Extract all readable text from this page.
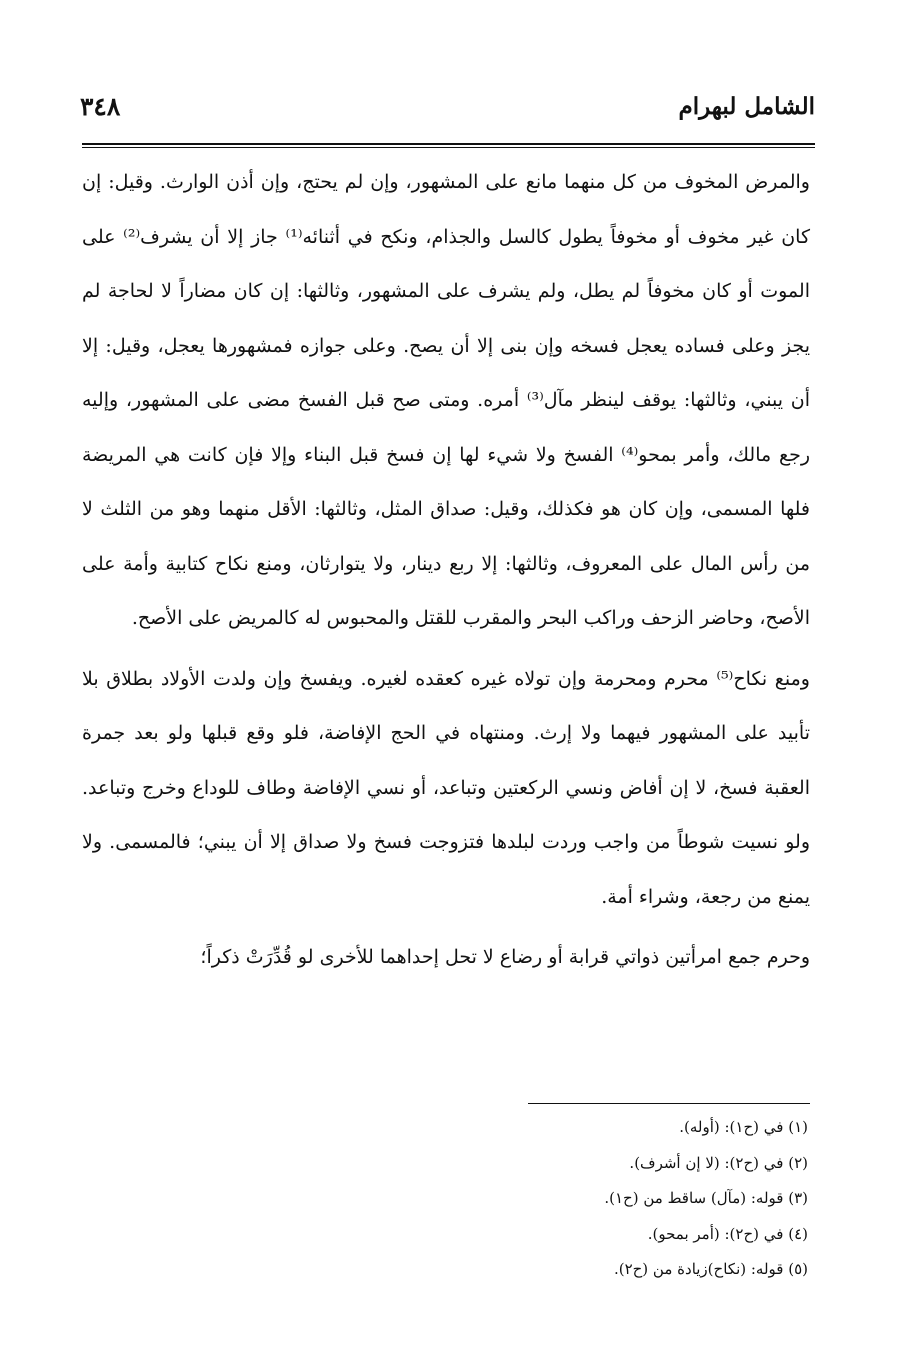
٣٤٨	الشامل لبهرام

والمرض المخوف من كل منهما مانع على المشهور، وإن لم يحتج، وإن أذن الوارث. وقيل: إن كان غير مخوف أو مخوفاً يطول كالسل والجذام، ونكح في أثنائه⁽¹⁾ جاز إلا أن يشرف⁽²⁾ على الموت أو كان مخوفاً لم يطل، ولم يشرف على المشهور، وثالثها: إن كان مضاراً لا لحاجة لم يجز وعلى فساده يعجل فسخه وإن بنى إلا أن يصح. وعلى جوازه فمشهورها يعجل، وقيل: إلا أن يبني، وثالثها: يوقف لينظر مآل⁽³⁾ أمره. ومتى صح قبل الفسخ مضى على المشهور، وإليه رجع مالك، وأمر بمحو⁽⁴⁾ الفسخ ولا شيء لها إن فسخ قبل البناء وإلا فإن كانت هي المريضة فلها المسمى، وإن كان هو فكذلك، وقيل: صداق المثل، وثالثها: الأقل منهما وهو من الثلث لا من رأس المال على المعروف، وثالثها: إلا ربع دينار، ولا يتوارثان، ومنع نكاح كتابية وأمة على الأصح، وحاضر الزحف وراكب البحر والمقرب للقتل والمحبوس له كالمريض على الأصح.

ومنع نكاح⁽⁵⁾ محرم ومحرمة وإن تولاه غيره كعقده لغيره. ويفسخ وإن ولدت الأولاد بطلاق بلا تأبيد على المشهور فيهما ولا إرث. ومنتهاه في الحج الإفاضة، فلو وقع قبلها ولو بعد جمرة العقبة فسخ، لا إن أفاض ونسي الركعتين وتباعد، أو نسي الإفاضة وطاف للوداع وخرج وتباعد. ولو نسيت شوطاً من واجب وردت لبلدها فتزوجت فسخ ولا صداق إلا أن يبني؛ فالمسمى. ولا يمنع من رجعة، وشراء أمة.

وحرم جمع امرأتين ذواتي قرابة أو رضاع لا تحل إحداهما للأخرى لو قُدِّرَتْ ذكراً؛

(١) في (ح١): (أوله).

(٢) في (ح٢): (لا إن أشرف).

(٣) قوله: (مآل) ساقط من (ح١).

(٤) في (ح٢): (أمر بمحو).

(٥) قوله: (نكاح)زيادة من (ح٢).
